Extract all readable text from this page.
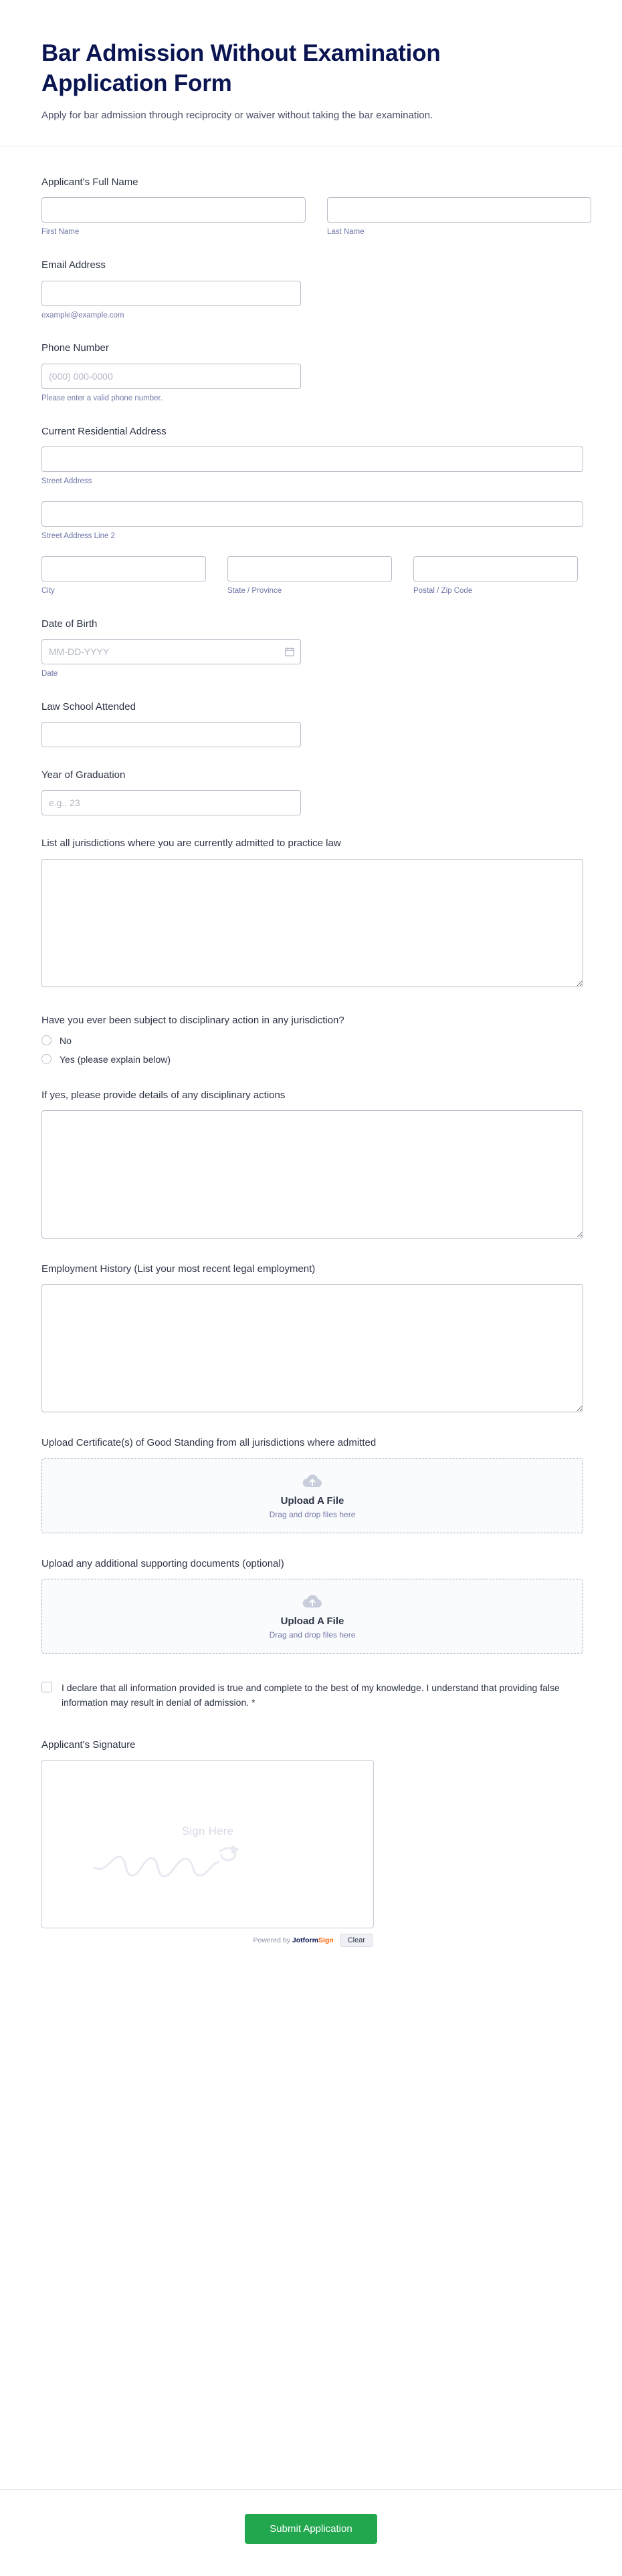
Bar Admission Without Examination Application Form

Apply for bar admission through reciprocity or waiver without taking the bar examination.

Applicant's Full Name
First Name	Last Name
Email Address
example@example.com
Phone Number
(000) 000-0000
Please enter a valid phone number.
Current Residential Address
Street Address
Street Address Line 2
City	State / Province	Postal / Zip Code
Date of Birth
MM-DD-YYYY
Date
Law School Attended
Year of Graduation
e.g., 23
List all jurisdictions where you are currently admitted to practice law
Have you ever been subject to disciplinary action in any jurisdiction?
No
Yes (please explain below)
If yes, please provide details of any disciplinary actions
Employment History (List your most recent legal employment)
Upload Certificate(s) of Good Standing from all jurisdictions where admitted
Upload A File
Drag and drop files here
Upload any additional supporting documents (optional)
Upload A File
Drag and drop files here
I declare that all information provided is true and complete to the best of my knowledge. I understand that providing false information may result in denial of admission. *
Applicant's Signature
Sign Here
Powered by JotformSign	Clear
Submit Application
